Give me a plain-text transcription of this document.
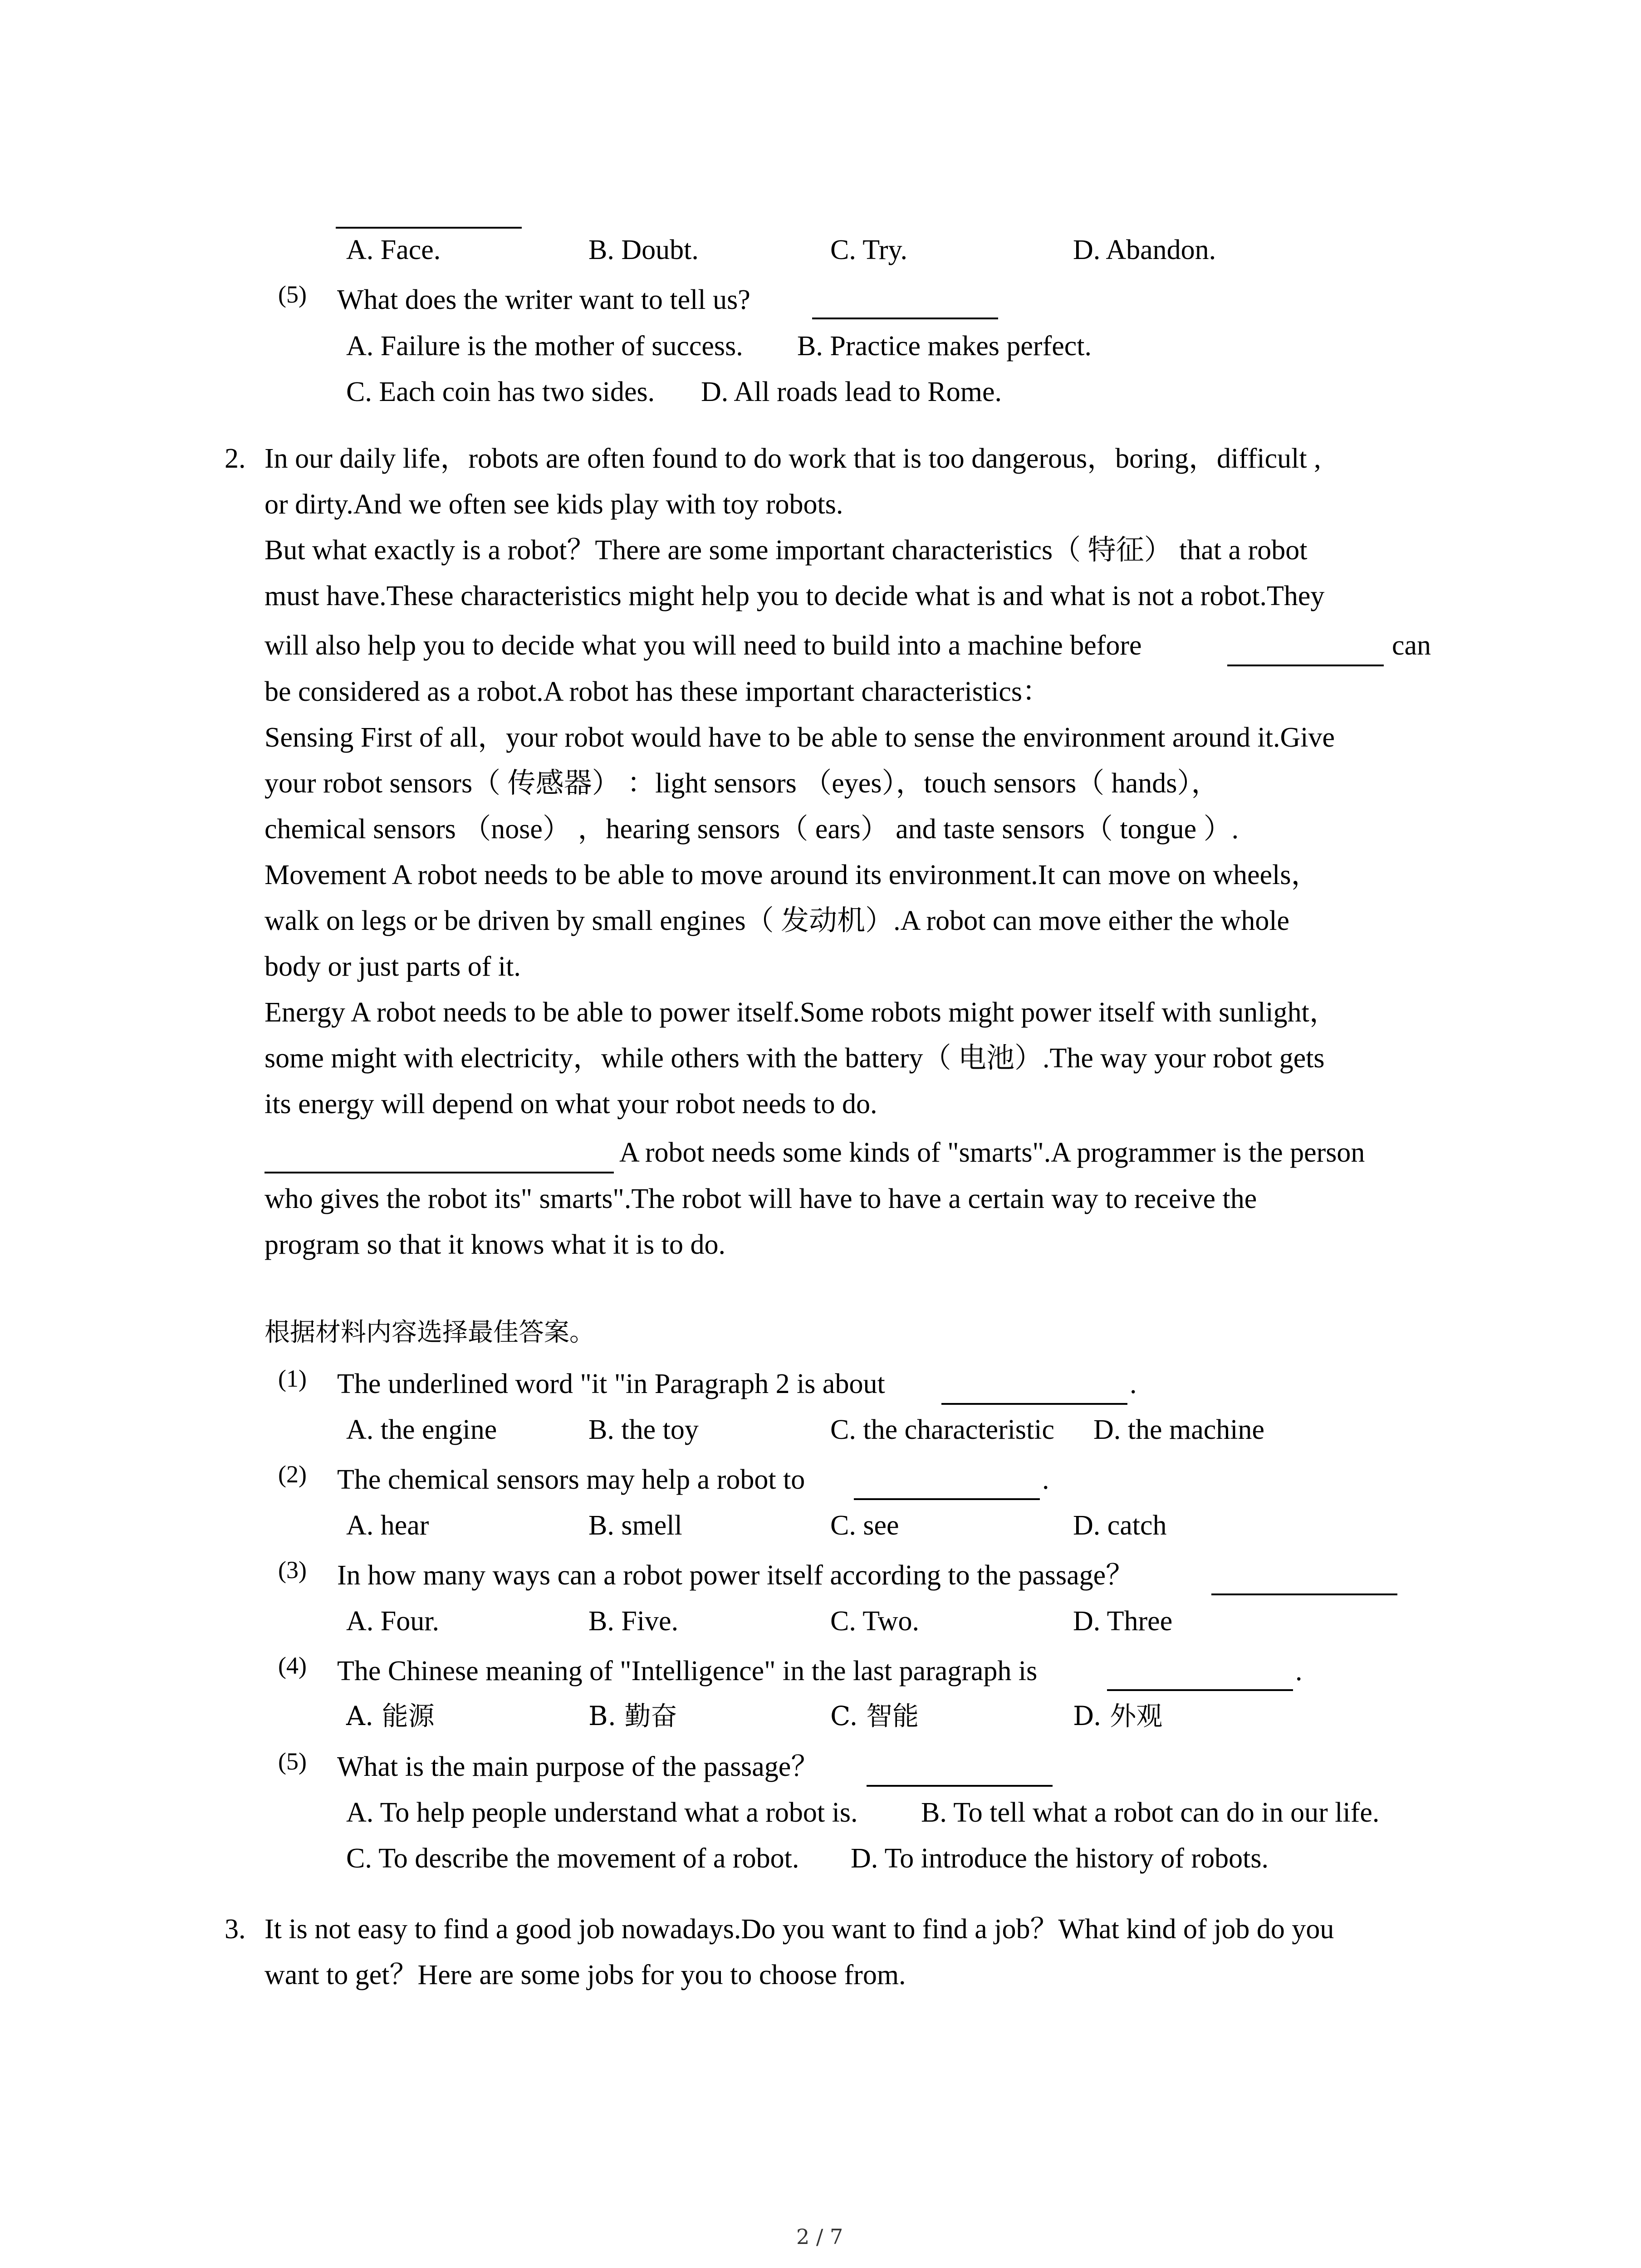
A. Face.	B. Doubt.	C. Try.	D. Abandon.
(5) What does the writer want to tell us?
A. Failure is the mother of success. B. Practice makes perfect.
C. Each coin has two sides. D. All roads lead to Rome.
2. In our daily life，robots are often found to do work that is too dangerous，boring，difficult ,
or dirty.And we often see kids play with toy robots.
But what exactly is a robot？There are some important characteristics（ 特征） that a robot
must have.These characteristics might help you to decide what is and what is not a robot.They
will also help you to decide what you will need to build into a machine before	can
be considered as a robot.A robot has these important characteristics：
Sensing First of all，your robot would have to be able to sense the environment around it.Give
your robot sensors（ 传感器） ：light sensors （eyes），touch sensors（ hands），
chemical sensors （nose） ，hearing sensors（ ears） and taste sensors（ tongue ）.
Movement A robot needs to be able to move around its environment.It can move on wheels，
walk on legs or be driven by small engines（ 发动机）.A robot can move either the whole
body or just parts of it.
Energy A robot needs to be able to power itself.Some robots might power itself with sunlight，
some might with electricity，while others with the battery（ 电池）.The way your robot gets
its energy will depend on what your robot needs to do.
A robot needs some kinds of "smarts".A programmer is the person
who gives the robot its" smarts".The robot will have to have a certain way to receive the
program so that it knows what it is to do.
根据材料内容选择最佳答案。
(1) The underlined word "it "in Paragraph 2 is about	.
A. the engine	B. the toy	C. the characteristic D. the machine
(2) The chemical sensors may help a robot to	.
A. hear	B. smell	C. see	D. catch
(3) In how many ways can a robot power itself according to the passage？
A. Four.	B. Five.	C. Two.	D. Three
(4) The Chinese meaning of "Intelligence" in the last paragraph is	.
A. 能源	B. 勤奋	C. 智能	D. 外观
(5) What is the main purpose of the passage？
A. To help people understand what a robot is. B. To tell what a robot can do in our life.
C. To describe the movement of a robot. D. To introduce the history of robots.
3. It is not easy to find a good job nowadays.Do you want to find a job？What kind of job do you
want to get？Here are some jobs for you to choose from.
2 / 7
